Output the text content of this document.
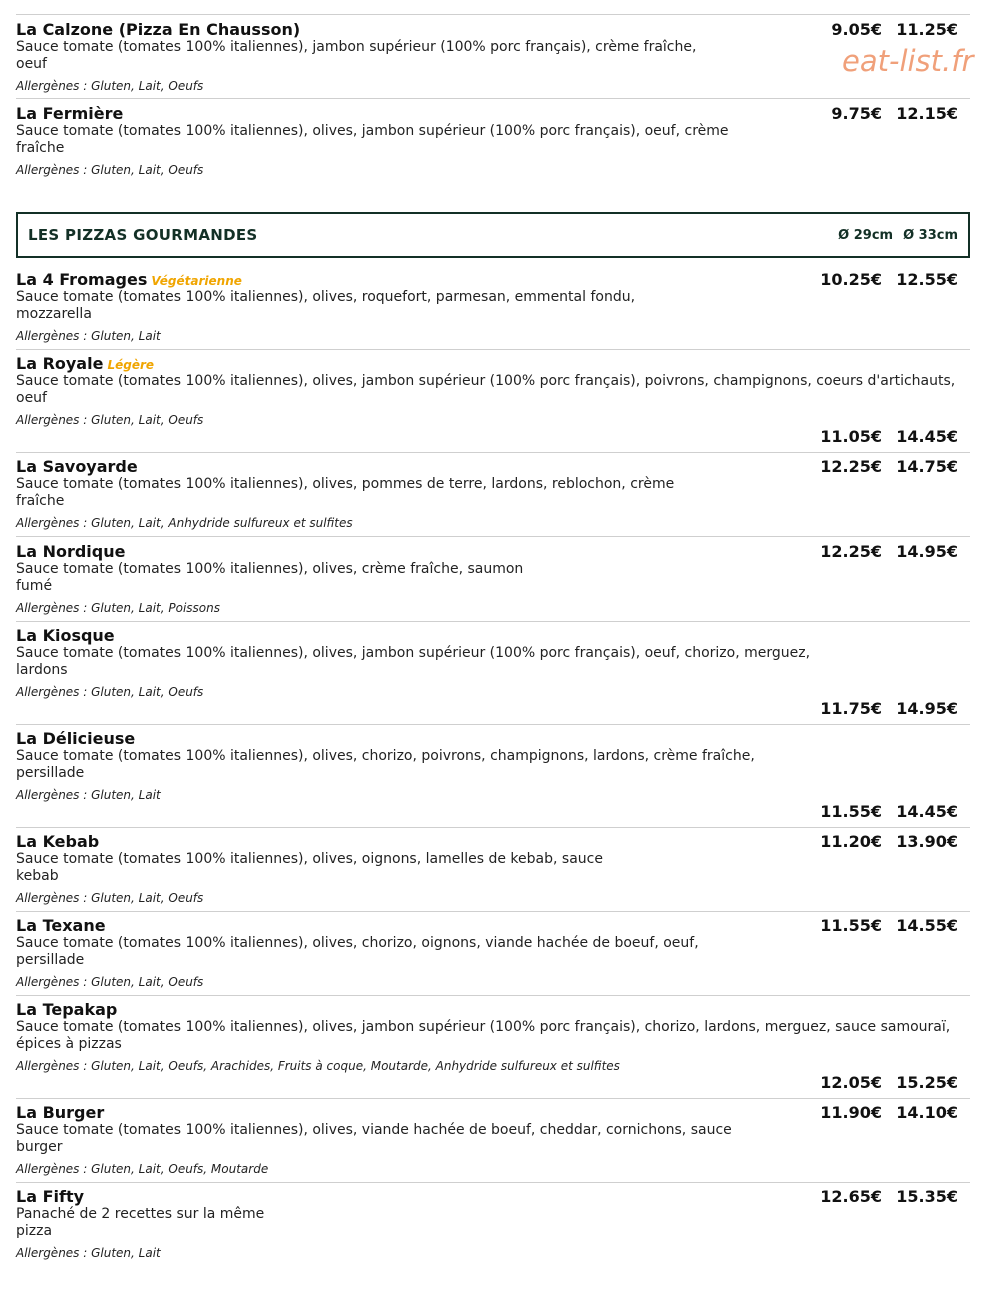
eat-list.fr
La Calzone (Pizza En Chausson)
Sauce tomate (tomates 100% italiennes), jambon supérieur (100% porc français), crème fraîche,
oeuf
Allergènes : Gluten, Lait, Oeufs
9.05€ 11.25€
La Fermière
Sauce tomate (tomates 100% italiennes), olives, jambon supérieur (100% porc français), oeuf, crème
fraîche
Allergènes : Gluten, Lait, Oeufs
9.75€ 12.15€
LES PIZZAS GOURMANDES	Ø 29cm Ø 33cm
La 4 Fromages Végétarienne
Sauce tomate (tomates 100% italiennes), olives, roquefort, parmesan, emmental fondu,
mozzarella
Allergènes : Gluten, Lait
10.25€ 12.55€
La Royale Légère
Sauce tomate (tomates 100% italiennes), olives, jambon supérieur (100% porc français), poivrons, champignons, coeurs d'artichauts,
oeuf
Allergènes : Gluten, Lait, Oeufs
11.05€ 14.45€
La Savoyarde
Sauce tomate (tomates 100% italiennes), olives, pommes de terre, lardons, reblochon, crème
fraîche
Allergènes : Gluten, Lait, Anhydride sulfureux et sulfites
12.25€ 14.75€
La Nordique
Sauce tomate (tomates 100% italiennes), olives, crème fraîche, saumon
fumé
Allergènes : Gluten, Lait, Poissons
12.25€ 14.95€
La Kiosque
Sauce tomate (tomates 100% italiennes), olives, jambon supérieur (100% porc français), oeuf, chorizo, merguez,
lardons
Allergènes : Gluten, Lait, Oeufs
11.75€ 14.95€
La Délicieuse
Sauce tomate (tomates 100% italiennes), olives, chorizo, poivrons, champignons, lardons, crème fraîche,
persillade
Allergènes : Gluten, Lait
11.55€ 14.45€
La Kebab
Sauce tomate (tomates 100% italiennes), olives, oignons, lamelles de kebab, sauce
kebab
Allergènes : Gluten, Lait, Oeufs
11.20€ 13.90€
La Texane
Sauce tomate (tomates 100% italiennes), olives, chorizo, oignons, viande hachée de boeuf, oeuf,
persillade
Allergènes : Gluten, Lait, Oeufs
11.55€ 14.55€
La Tepakap
Sauce tomate (tomates 100% italiennes), olives, jambon supérieur (100% porc français), chorizo, lardons, merguez, sauce samouraï,
épices à pizzas
Allergènes : Gluten, Lait, Oeufs, Arachides, Fruits à coque, Moutarde, Anhydride sulfureux et sulfites
12.05€ 15.25€
La Burger
Sauce tomate (tomates 100% italiennes), olives, viande hachée de boeuf, cheddar, cornichons, sauce
burger
Allergènes : Gluten, Lait, Oeufs, Moutarde
11.90€ 14.10€
La Fifty
Panaché de 2 recettes sur la même
pizza
Allergènes : Gluten, Lait
12.65€ 15.35€
